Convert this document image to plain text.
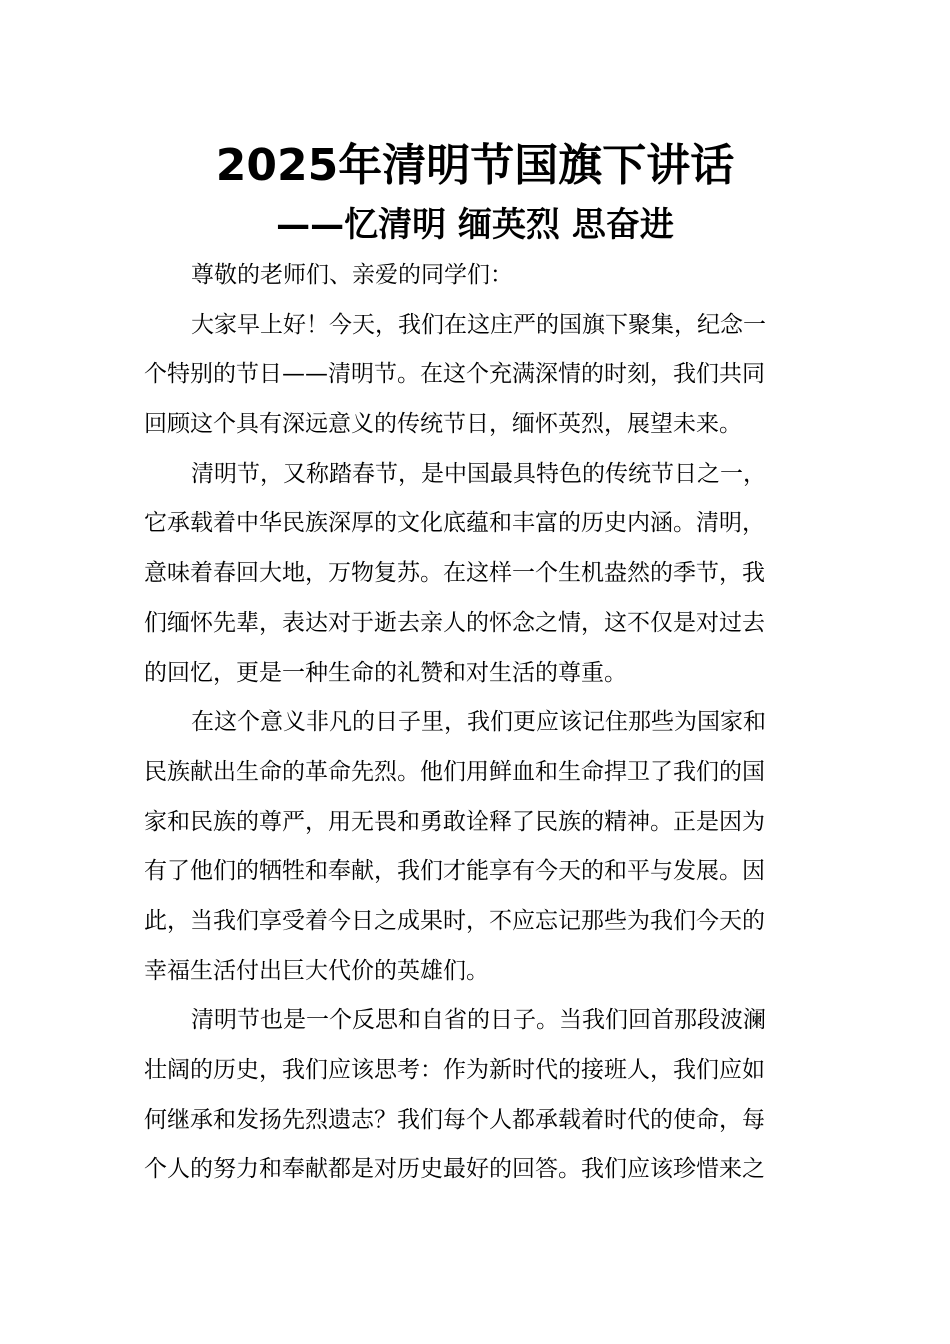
2025年清明节国旗下讲话
——忆清明 缅英烈 思奋进
尊敬的老师们、亲爱的同学们：
大家早上好！今天，我们在这庄严的国旗下聚集，纪念一
个特别的节日——清明节。在这个充满深情的时刻，我们共同
回顾这个具有深远意义的传统节日，缅怀英烈，展望未来。
清明节，又称踏春节，是中国最具特色的传统节日之一，
它承载着中华民族深厚的文化底蕴和丰富的历史内涵。清明，
意味着春回大地，万物复苏。在这样一个生机盎然的季节，我
们缅怀先辈，表达对于逝去亲人的怀念之情，这不仅是对过去
的回忆，更是一种生命的礼赞和对生活的尊重。
在这个意义非凡的日子里，我们更应该记住那些为国家和
民族献出生命的革命先烈。他们用鲜血和生命捍卫了我们的国
家和民族的尊严，用无畏和勇敢诠释了民族的精神。正是因为
有了他们的牺牲和奉献，我们才能享有今天的和平与发展。因
此，当我们享受着今日之成果时，不应忘记那些为我们今天的
幸福生活付出巨大代价的英雄们。
清明节也是一个反思和自省的日子。当我们回首那段波澜
壮阔的历史，我们应该思考：作为新时代的接班人，我们应如
何继承和发扬先烈遗志？我们每个人都承载着时代的使命，每
个人的努力和奉献都是对历史最好的回答。我们应该珍惜来之
